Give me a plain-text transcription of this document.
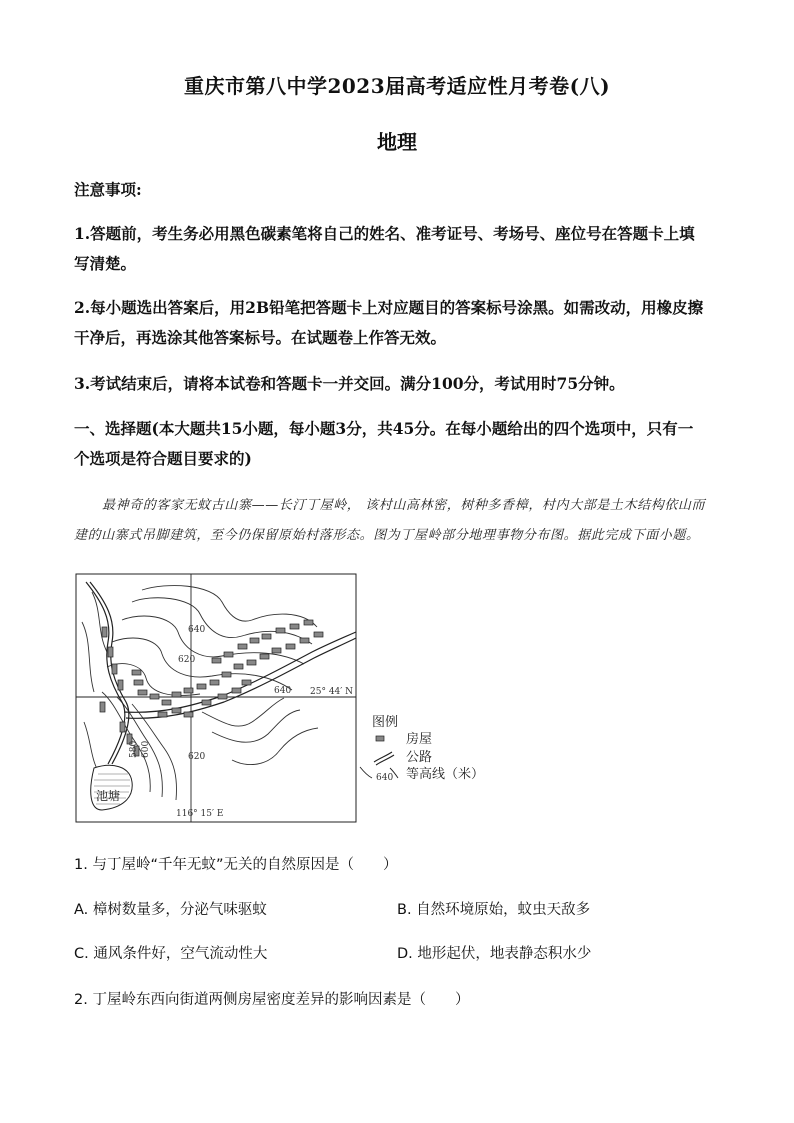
重庆市第八中学2023届高考适应性月考卷(八)
地理
注意事项:
1.答题前，考生务必用黑色碳素笔将自己的姓名、准考证号、考场号、座位号在答题卡上填
写清楚。
2.每小题选出答案后，用2B铅笔把答题卡上对应题目的答案标号涂黑。如需改动，用橡皮擦
干净后，再选涂其他答案标号。在试题卷上作答无效。
3.考试结束后，请将本试卷和答题卡一并交回。满分100分，考试用时75分钟。
一、选择题(本大题共15小题，每小题3分，共45分。在每小题给出的四个选项中，只有一
个选项是符合题目要求的)
最神奇的客家无蚊古山寨——长汀丁屋岭， 该村山高林密，树种多香樟，村内大部是土木结构依山而
建的山寨式吊脚建筑，至今仍保留原始村落形态。图为丁屋岭部分地理事物分布图。据此完成下面小题。
640
620
640
620
580 600
25° 44′ N
116° 15′ E
池塘
图例
房屋
公路
640 等高线（米）
1. 与丁屋岭“千年无蚊”无关的自然原因是（　　）
A. 樟树数量多，分泌气味驱蚊	B. 自然环境原始，蚊虫天敌多
C. 通风条件好，空气流动性大	D. 地形起伏，地表静态积水少
2. 丁屋岭东西向街道两侧房屋密度差异的影响因素是（　　）
